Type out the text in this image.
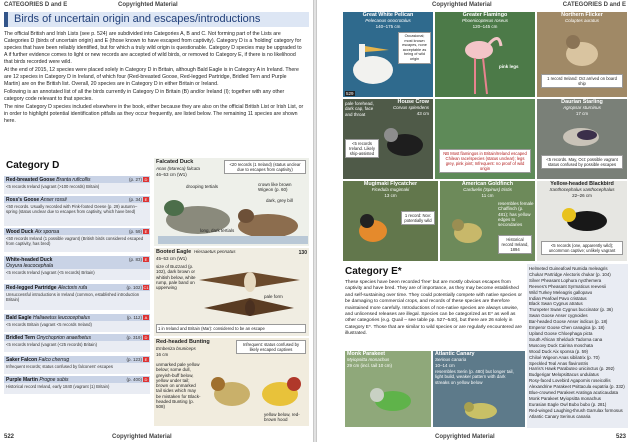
CATEGORIES D and E	Copyrighted Material
Birds of uncertain origin and escapes/introductions

The official British and Irish Lists (see p. 524) are subdivided into Categories A, B and C. Not forming part of the Lists are Categories D (birds of uncertain origin) and E (those known to have escaped from captivity). Category D is a 'holding' category for species that have been reliably identified, but for which a truly wild origin is questionable. Category D species may be upgraded to A if further evidence comes to light or new records are accepted of wild birds, or removed to Category E, if there is no likelihood that birds recorded were wild.

At the end of 2015, 12 species were placed solely in Category D in Britain, although Bald Eagle is in Category A in Ireland. There are 12 species in Category D in Ireland, of which four (Red-breasted Goose, Red-legged Partridge, Bridled Tern and Purple Martin) are on the British list. Overall, 20 species are in Category D in either Britain or Ireland.

Following is an annotated list of all the birds currently in Category D in Britain (B) and/or Ireland (I); together with any other category code relevant to that species.

The nine Category D species included elsewhere in the book, either because they are also on the official British List or Irish List, or in order to highlight potential identification pitfalls as they occur frequently, are listed below. The remaining 11 species are shown here.

Category D
Red-breasted Goose Branta ruficollis	(p. 27) D
<5 records Ireland (vagrant (>100 records) Britain)
Ross's Goose Anser rossii	(p. 34) E
<50 records. Usually recorded with Pink-footed Geese (p. 29) autumn–spring (status unclear due to escapes from captivity, which have bred)
Wood Duck Aix sponsa	(p. 59) E
<50 records Ireland (1 possible vagrant) (British birds considered escaped from captivity, has bred)
White-headed Duck
Oxyura leucocephala
(p. 83) E
<5 records Ireland (vagrant (<5 records) Britain)
Red-legged Partridge Alectoris rufa	(p. 102) C1
Unsuccessful introductions in Ireland (common, established introduction Britain)
Bald Eagle Haliaeetus leucocephalus	(p. 112) A
<5 records Britain (vagrant <5 records Ireland)
Bridled Tern Onychoprion anaethetus	(p. 319) D
<5 records Ireland (vagrant (<25 records) Britain)
Saker Falcon Falco cherrug	(p. 123) E
Infrequent records; status confused by falconers' escapes
Purple Martin Progne subis	(p. 400) D
Historical record Ireland, early 1840 (vagrant (1) Britain)
Falcated Duck
Anas (Mareca) falcata
46–53 cm (W1)
<20 records (1 Ireland) (status unclear due to escapes from captivity)
drooping tertials	crown like brown Wigeon (p. 60)
long, dark tertials
dark, grey bill
Booted Eagle Hieraaetus pennatus
45–53 cm (W1)
130
size of Buzzard (p. 102), dark brown or whitish below, white rump, pale band on upperwing
pale form
1 in Ireland and Britain (Mar): considered to be an escape
Red-headed Bunting
Emberiza bruniceps
16 cm
Infrequent: status confused by likely escaped captives
unmarked pale yellow below; some dull, greyish-buff below, yellow under tail; brown on unmarked tail sides which may be mistaken for Black-headed Bunting (p. 508)
yellow below, red-brown hood
522	Copyrighted Material
Copyrighted Material	CATEGORIES D and E
Great White Pelican
Pelecanus onocrotalus
140–175 cm
Occasional; most known escapes, none acceptable as being of wild origin
529
Greater Flamingo
Phoenicopterus roseus
120–145 cm
pink legs
Northern Flicker
Colaptes auratus
1 record Ireland: Oct arrived on board ship
House Crow
Corvus splendens
43 cm
pale forehead, dark cap, face and throat
<5 records Ireland. Likely ship-assisted	NB Most flamingos in Britain/Ireland escaped Chilean race/species (status unclear); legs grey, pink joint; Infrequent: no proof of wild origin
Daurian Starling
Agropsar sturninus
17 cm
<5 records. May, Oct: possible vagrant status confused by possible escapes
Mugimaki Flycatcher
Ficedula mugimaki
13 cm
1 record: Nov: potentially wild
American Goldfinch
Carduelis (Spinus) tristis
11 cm
resembles female Chaffinch (p. 481); has yellow edges to secondaries
Historical record Ireland, 1894
Yellow-headed Blackbird
Xanthocephalus xanthocephalus
22–26 cm
<5 records (one, apparently wild); uncommon captive; unlikely vagrant
Category E*
These species have been recorded 'free' but are mostly obvious escapes from captivity and have bred. They are of importance, as they may become established and self-sustaining over time. They could potentially compete with native species or be damaging to commercial crops, and records of these species are therefore maintained more carefully. Introductions of non-native species are always unwise, and unlicensed releases are illegal. Species can be categorized as E* as well as other categories (e.g. Quail – see table pp. 527–540), but there are 26 solely in Category E*. Those that are similar to wild species or are regularly encountered are illustrated.
Monk Parakeet
Myiopsitta monachus
29 cm (incl. tail 10 cm)
Atlantic Canary
Serinus canaria
10–14 cm
resembles Serin (p. 480) but longer tail, light build, weaker pattern with dark streaks on yellow below
Helmeted Guineafowl Numida meleagris
Chukar Partridge Alectoris chukar (p. 104)
Silver Pheasant Lophura nycthemera
Reeves's Pheasant Syrmaticus reevesii
Wild Turkey Meleagris gallopavo
Indian Peafowl Pavo cristatus
Black Swan Cygnus atratus
Trumpeter Swan Cygnus buccinator (p. 36)
Swan Goose Anser cygnoides
Bar-headed Goose Anser indicus (p. 18)
Emperor Goose Chen canagica (p. 18)
Upland Goose Chloephaga picta
South African Shelduck Tadorna cana
Muscovy Duck Cairina moschata
Wood Duck Aix sponsa (p. 59)
Chiloé Wigeon Anas sibilatrix (p. 70)
Speckled Teal Anas flavirostris
Harris's Hawk Parabuteo unicinctus (p. 292)
Budgerigar Melopsittacus undulatus
Rosy-faced Lovebird Agapornis roseicollis
Alexandrine Parakeet Psittacula eupatria (p. 332)
Blue-crowned Parakeet Aratinga acuticaudata
Monk Parakeet Myiopsitta monachus
Eurasian Eagle Owl Bubo bubo (p. 281)
Red-winged Laughing-thrush Garrulax formosus
Atlantic Canary Serinus canaria
Copyrighted Material	523
